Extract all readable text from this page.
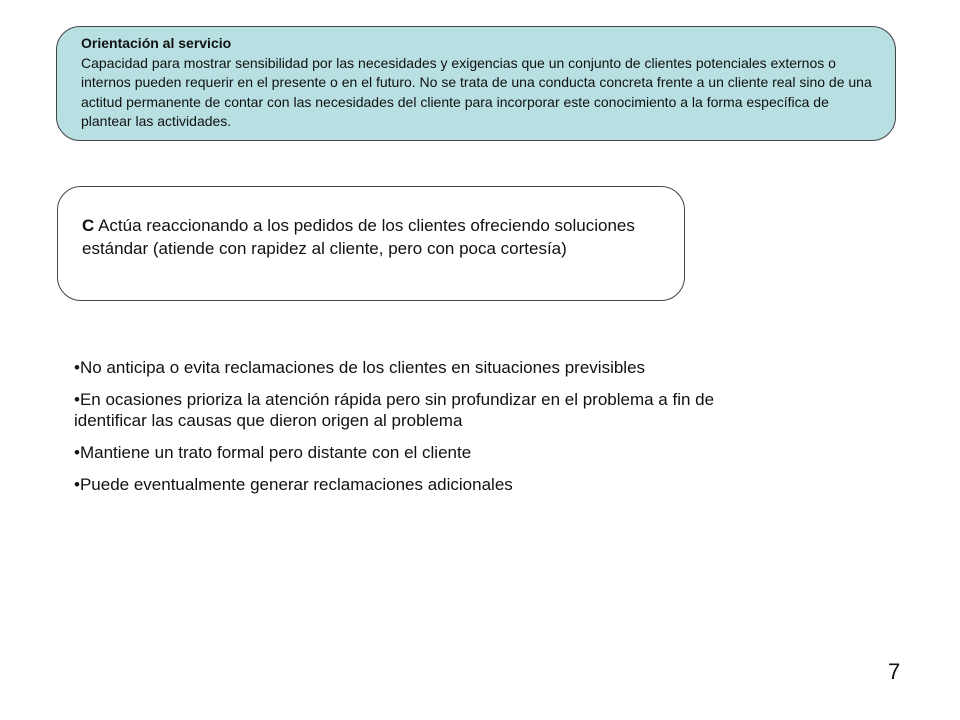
Orientación al servicio
Capacidad para mostrar sensibilidad por las necesidades y exigencias que un conjunto de clientes potenciales externos o internos pueden requerir en el presente o en el futuro. No se trata de una conducta concreta frente a un cliente real sino de una actitud permanente de contar con las necesidades del cliente para incorporar este conocimiento a la forma específica de plantear las actividades.
C Actúa reaccionando a los pedidos de los clientes ofreciendo soluciones estándar (atiende con rapidez al cliente, pero con poca cortesía)
•No anticipa o evita reclamaciones de los clientes en situaciones previsibles
•En ocasiones prioriza la atención rápida pero sin profundizar en el problema a fin de identificar las causas que dieron origen al problema
•Mantiene un trato formal pero distante con el cliente
•Puede eventualmente generar reclamaciones adicionales
7
